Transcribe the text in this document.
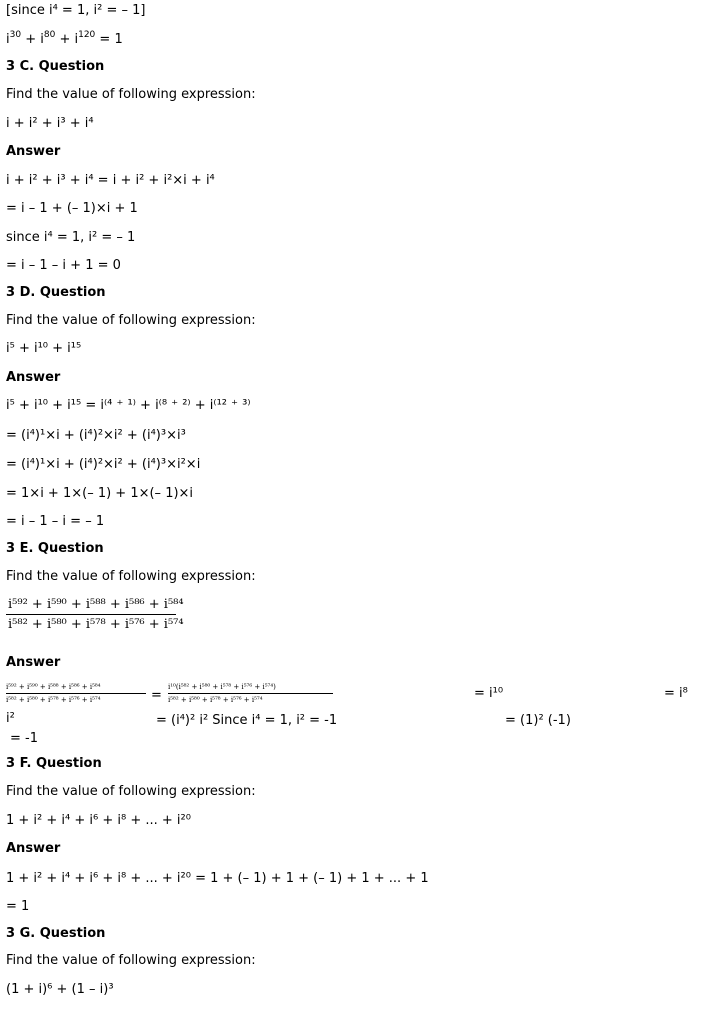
[since i⁴ = 1, i² = – 1]
$i^{30} + i^{80} + i^{120} = 1$
3 C. Question
Find the value of following expression:
i + i² + i³ + i⁴
Answer
i + i² + i³ + i⁴ = i + i² + i²×i + i⁴
= i – 1 + (– 1)×i + 1
since i⁴ = 1, i² = – 1
= i – 1 – i + 1 = 0
3 D. Question
Find the value of following expression:
i⁵ + i¹⁰ + i¹⁵
Answer
i⁵ + i¹⁰ + i¹⁵ = i⁽⁴ ⁺ ¹⁾ + i⁽⁸ ⁺ ²⁾ + i⁽¹² ⁺ ³⁾
= (i⁴)¹×i + (i⁴)²×i² + (i⁴)³×i³
= (i⁴)¹×i + (i⁴)²×i² + (i⁴)³×i²×i
= 1×i + 1×(– 1) + 1×(– 1)×i
= i – 1 – i = – 1
3 E. Question
Find the value of following expression:
i⁵⁹² + i⁵⁹⁰ + i⁵⁸⁸ + i⁵⁸⁶ + i⁵⁸⁴
i⁵⁸² + i⁵⁸⁰ + i⁵⁷⁸ + i⁵⁷⁶ + i⁵⁷⁴
Answer
i⁵⁹² + i⁵⁹⁰ + i⁵⁸⁸ + i⁵⁸⁶ + i⁵⁸⁴
i⁵⁸² + i⁵⁸⁰ + i⁵⁷⁸ + i⁵⁷⁶ + i⁵⁷⁴	=
i¹⁰(i⁵⁸² + i⁵⁸⁰ + i⁵⁷⁸ + i⁵⁷⁶ + i⁵⁷⁴)
i⁵⁸² + i⁵⁸⁰ + i⁵⁷⁸ + i⁵⁷⁶ + i⁵⁷⁴	= i¹⁰	= i⁸
i²	= (i⁴)² i² Since i⁴ = 1, i² = -1	= (1)² (-1)
= -1
3 F. Question
Find the value of following expression:
1 + i² + i⁴ + i⁶ + i⁸ + ... + i²⁰
Answer
1 + i² + i⁴ + i⁶ + i⁸ + ... + i²⁰ = 1 + (– 1) + 1 + (– 1) + 1 + ... + 1
= 1
3 G. Question
Find the value of following expression:
(1 + i)⁶ + (1 – i)³
